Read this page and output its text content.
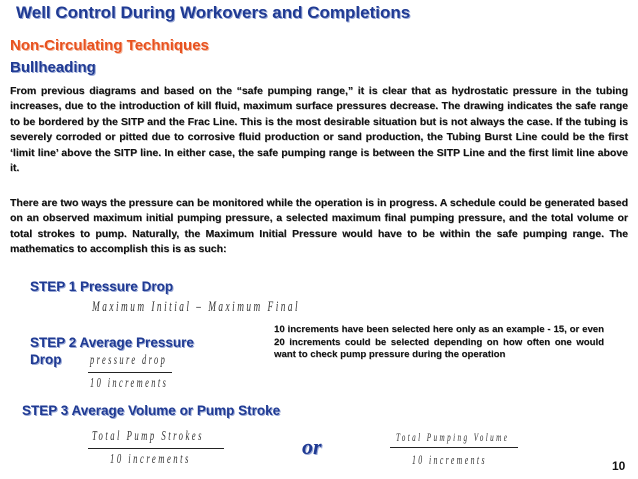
Well Control During Workovers and Completions
Non-Circulating Techniques
Bullheading

From previous diagrams and based on the “safe pumping range,” it is clear that as hydrostatic pressure in the tubing increases, due to the introduction of kill fluid, maximum surface pressures decrease. The drawing indicates the safe range to be bordered by the SITP and the Frac Line. This is the most desirable situation but is not always the case. If the tubing is severely corroded or pitted due to corrosive fluid production or sand production, the Tubing Burst Line could be the first ‘limit line’ above the SITP line. In either case, the safe pumping range is between the SITP Line and the first limit line above it.

There are two ways the pressure can be monitored while the operation is in progress. A schedule could be generated based on an observed maximum initial pumping pressure, a selected maximum final pumping pressure, and the total volume or total strokes to pump. Naturally, the Maximum Initial Pressure would have to be within the safe pumping range. The mathematics to accomplish this is as such:

STEP 1 Pressure Drop
Maximum Initial – Maximum Final
STEP 2 Average Pressure
Drop pressure drop
10 increments

10 increments have been selected here only as an example - 15, or even 20 increments could be selected depending on how often one would want to check pump pressure during the operation

STEP 3 Average Volume or Pump Stroke
Total Pump Strokes
10 increments
or	Total Pumping Volume
10 increments	10
